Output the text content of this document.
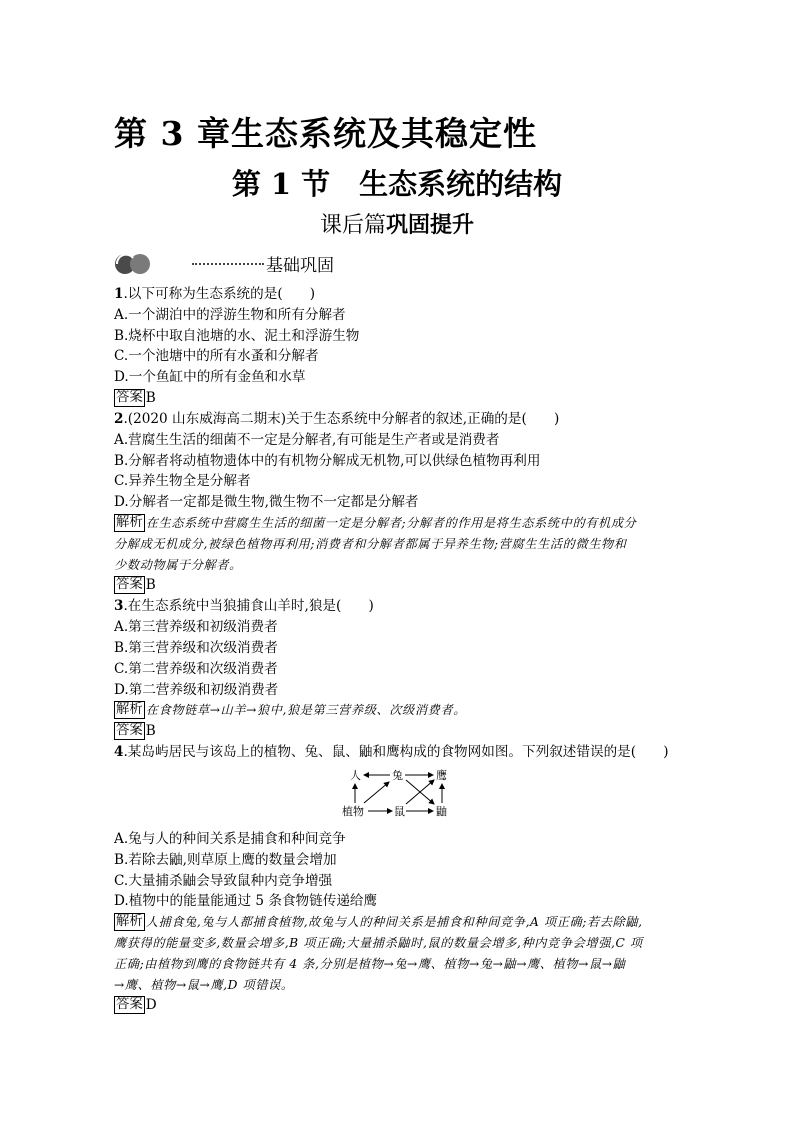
第 3 章生态系统及其稳定性
第 1 节　生态系统的结构
课后篇巩固提升
基础巩固
1.以下可称为生态系统的是(　　)
A.一个湖泊中的浮游生物和所有分解者
B.烧杯中取自池塘的水、泥土和浮游生物
C.一个池塘中的所有水蚤和分解者
D.一个鱼缸中的所有金鱼和水草
答案 B
2.(2020 山东威海高二期末)关于生态系统中分解者的叙述,正确的是(　　)
A.营腐生生活的细菌不一定是分解者,有可能是生产者或是消费者
B.分解者将动植物遗体中的有机物分解成无机物,可以供绿色植物再利用
C.异养生物全是分解者
D.分解者一定都是微生物,微生物不一定都是分解者
解析 在生态系统中营腐生生活的细菌一定是分解者;分解者的作用是将生态系统中的有机成分
分解成无机成分,被绿色植物再利用;消费者和分解者都属于异养生物;营腐生生活的微生物和
少数动物属于分解者。
答案 B
3.在生态系统中当狼捕食山羊时,狼是(　　)
A.第三营养级和初级消费者
B.第三营养级和次级消费者
C.第二营养级和次级消费者
D.第二营养级和初级消费者
解析 在食物链草→山羊→狼中,狼是第三营养级、次级消费者。
答案 B
4.某岛屿居民与该岛上的植物、兔、鼠、鼬和鹰构成的食物网如图。下列叙述错误的是(　　)
人	兔	鹰
植物	鼠	鼬
A.兔与人的种间关系是捕食和种间竞争
B.若除去鼬,则草原上鹰的数量会增加
C.大量捕杀鼬会导致鼠种内竞争增强
D.植物中的能量能通过 5 条食物链传递给鹰
解析 人捕食兔,兔与人都捕食植物,故兔与人的种间关系是捕食和种间竞争,A 项正确;若去除鼬,
鹰获得的能量变多,数量会增多,B 项正确;大量捕杀鼬时,鼠的数量会增多,种内竞争会增强,C 项
正确;由植物到鹰的食物链共有 4 条,分别是植物→兔→鹰、植物→兔→鼬→鹰、植物→鼠→鼬
→鹰、植物→鼠→鹰,D 项错误。
答案 D
